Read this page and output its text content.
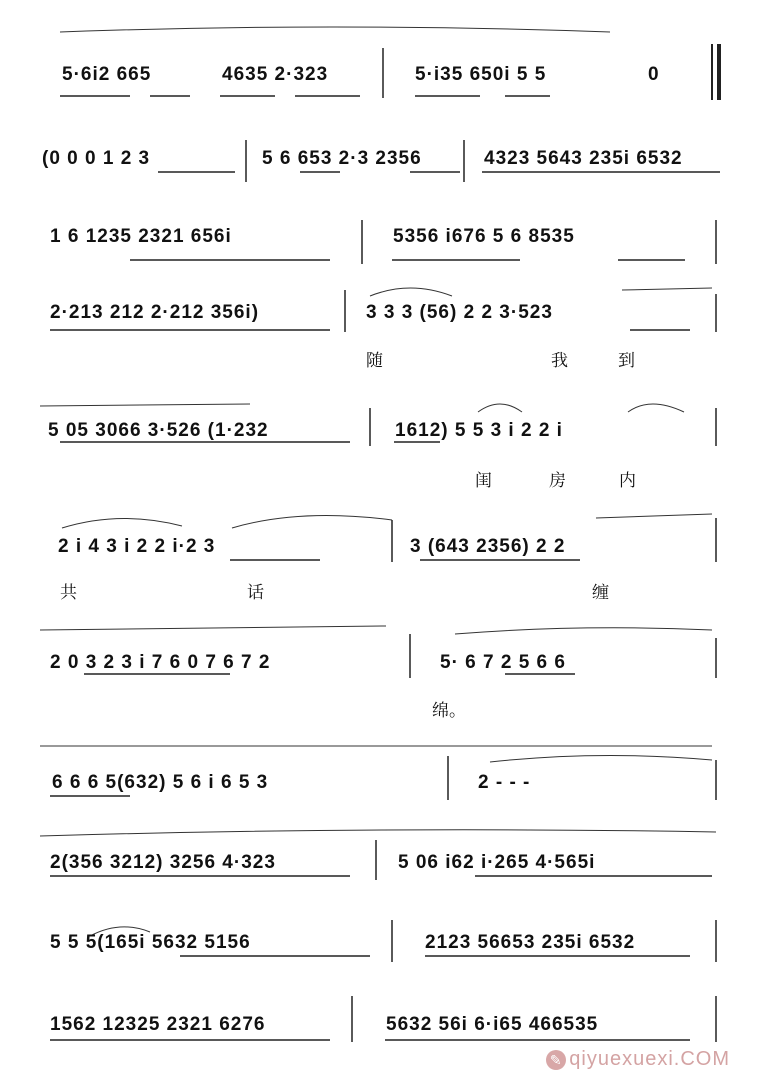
5·6i2 665	4635 2·323	5·i35 650i 5 5	0
(0 0 0 1 2 3	5 6 653 2·3 2356	4323 5643 235i 6532
1 6 1235 2321 656i	5356 i676 5 6 8535
2·213 212 2·212 356i)	3 3 3 (56) 2 2 3·523
随	我	到
5 05 3066 3·526 (1·232	1612) 5 5 3 i 2 2 i
闺	房	内
2 i 4 3 i 2 2 i·2 3	3 (643 2356) 2 2
共	话	缠
2 0 3 2 3 i 7 6 0 7 6 7 2	5· 6 7 2 5 6 6
绵。
6 6 6 5(632) 5 6 i 6 5 3	2 - - -
2(356 3212) 3256 4·323	5 06 i62 i·265 4·565i
5 5 5(165i 5632 5156	2123 56653 235i 6532
1562 12325 2321 6276	5632 56i 6·i65 466535
✎ qiyuexuexi.COM
